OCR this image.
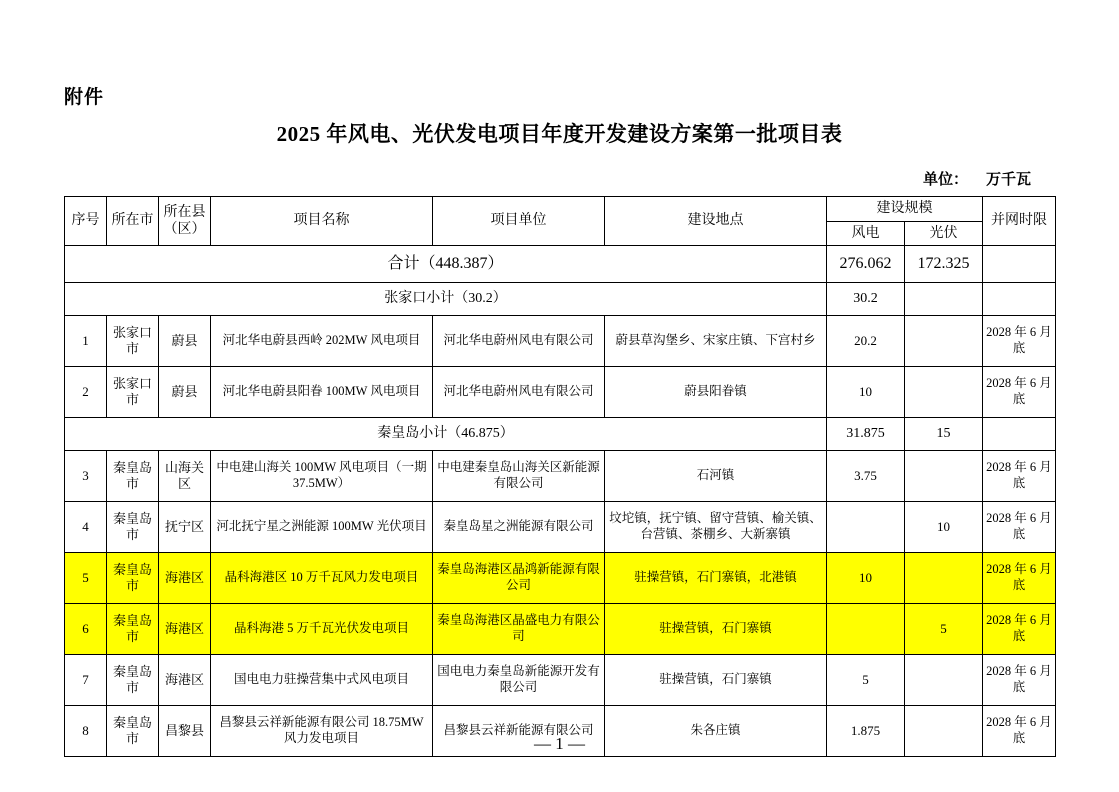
附件
2025 年风电、光伏发电项目年度开发建设方案第一批项目表
单位： 万千瓦
序号	所在市	所在县（区）	项目名称	项目单位	建设地点	建设规模		并网时限
						风电	光伏	
合计（448.387）						276.062	172.325	
张家口小计（30.2）						30.2		
1	张家口市	蔚县	河北华电蔚县西岭 202MW 风电项目	河北华电蔚州风电有限公司	蔚县草沟堡乡、宋家庄镇、下宫村乡	20.2		2028 年 6 月底
2	张家口市	蔚县	河北华电蔚县阳眷 100MW 风电项目	河北华电蔚州风电有限公司	蔚县阳眷镇	10		2028 年 6 月底
秦皇岛小计（46.875）						31.875	15	
3	秦皇岛市	山海关区	中电建山海关 100MW 风电项目（一期 37.5MW）	中电建秦皇岛山海关区新能源有限公司	石河镇	3.75		2028 年 6 月底
4	秦皇岛市	抚宁区	河北抚宁星之洲能源 100MW 光伏项目	秦皇岛星之洲能源有限公司	坟坨镇，抚宁镇、留守营镇、榆关镇、台营镇、茶棚乡、大新寨镇		10	2028 年 6 月底
5	秦皇岛市	海港区	晶科海港区 10 万千瓦风力发电项目	秦皇岛海港区晶鸿新能源有限公司	驻操营镇，石门寨镇，北港镇	10		2028 年 6 月底
6	秦皇岛市	海港区	晶科海港 5 万千瓦光伏发电项目	秦皇岛海港区晶盛电力有限公司	驻操营镇，石门寨镇		5	2028 年 6 月底
7	秦皇岛市	海港区	国电电力驻操营集中式风电项目	国电电力秦皇岛新能源开发有限公司	驻操营镇，石门寨镇	5		2028 年 6 月底
8	秦皇岛市	昌黎县	昌黎县云祥新能源有限公司 18.75MW 风力发电项目	昌黎县云祥新能源有限公司	朱各庄镇	1.875		2028 年 6 月底
— 1 —
